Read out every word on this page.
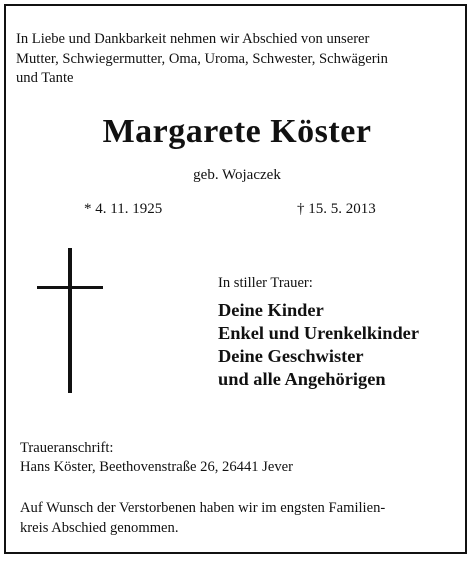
In Liebe und Dankbarkeit nehmen wir Abschied von unserer
Mutter, Schwiegermutter, Oma, Uroma, Schwester, Schwägerin
und Tante

Margarete Köster
geb. Wojaczek
* 4. 11. 1925	† 15. 5. 2013
In stiller Trauer:
Deine Kinder
Enkel und Urenkelkinder
Deine Geschwister
und alle Angehörigen
Traueranschrift:
Hans Köster, Beethovenstraße 26, 26441 Jever

Auf Wunsch der Verstorbenen haben wir im engsten Familien-
kreis Abschied genommen.
